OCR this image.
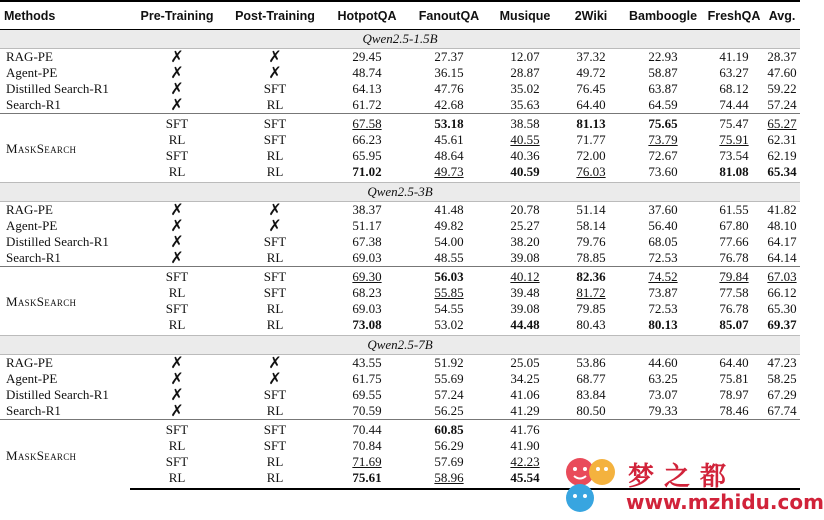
Methods	Pre-Training	Post-Training	HotpotQA	FanoutQA	Musique	2Wiki	Bamboogle	FreshQA	Avg.
Qwen2.5-1.5B									
RAG-PE	✗	✗	29.45	27.37	12.07	37.32	22.93	41.19	28.37
Agent-PE	✗	✗	48.74	36.15	28.87	49.72	58.87	63.27	47.60
Distilled Search-R1	✗	SFT	64.13	47.76	35.02	76.45	63.87	68.12	59.22
Search-R1	✗	RL	61.72	42.68	35.63	64.40	64.59	74.44	57.24
MaskSearch	SFT	SFT	67.58	53.18	38.58	81.13	75.65	75.47	65.27
	RL	SFT	66.23	45.61	40.55	71.77	73.79	75.91	62.31
	SFT	RL	65.95	48.64	40.36	72.00	72.67	73.54	62.19
	RL	RL	71.02	49.73	40.59	76.03	73.60	81.08	65.34
Qwen2.5-3B									
RAG-PE	✗	✗	38.37	41.48	20.78	51.14	37.60	61.55	41.82
Agent-PE	✗	✗	51.17	49.82	25.27	58.14	56.40	67.80	48.10
Distilled Search-R1	✗	SFT	67.38	54.00	38.20	79.76	68.05	77.66	64.17
Search-R1	✗	RL	69.03	48.55	39.08	78.85	72.53	76.78	64.14
MaskSearch	SFT	SFT	69.30	56.03	40.12	82.36	74.52	79.84	67.03
	RL	SFT	68.23	55.85	39.48	81.72	73.87	77.58	66.12
	SFT	RL	69.03	54.55	39.08	79.85	72.53	76.78	65.30
	RL	RL	73.08	53.02	44.48	80.43	80.13	85.07	69.37
Qwen2.5-7B									
RAG-PE	✗	✗	43.55	51.92	25.05	53.86	44.60	64.40	47.23
Agent-PE	✗	✗	61.75	55.69	34.25	68.77	63.25	75.81	58.25
Distilled Search-R1	✗	SFT	69.55	57.24	41.06	83.84	73.07	78.97	67.29
Search-R1	✗	RL	70.59	56.25	41.29	80.50	79.33	78.46	67.74
MaskSearch	SFT	SFT	70.44	60.85	41.76				
	RL	SFT	70.84	56.29	41.90				
	SFT	RL	71.69	57.69	42.23				
	RL	RL	75.61	58.96	45.54					梦之都
www.mzhidu.com
